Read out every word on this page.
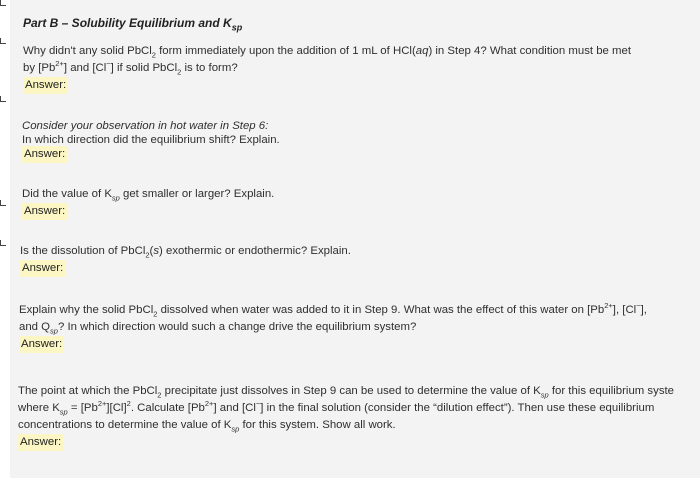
Part B – Solubility Equilibrium and $K_{sp}$
Why didn't any solid PbCl$_2$ form immediately upon the addition of 1 mL of HCl(aq) in Step 4? What condition must be met
by $[Pb^{2+}]$ and [Cl−] if solid PbCl$_2$ is to form?
Answer:
Consider your observation in hot water in Step 6:
In which direction did the equilibrium shift? Explain.
Answer:
Did the value of $K_{sp}$ get smaller or larger? Explain.
Answer:
Is the dissolution of PbCl$_2$(s) exothermic or endothermic? Explain.
Answer:
Explain why the solid PbCl$_2$ dissolved when water was added to it in Step 9. What was the effect of this water on $[Pb^{2+}]$, [Cl−],
and $Q_{sp}$? In which direction would such a change drive the equilibrium system?
Answer:
The point at which the PbCl$_2$ precipitate just dissolves in Step 9 can be used to determine the value of $K_{sp}$ for this equilibrium syste
where $K_{sp} = [Pb^{2+}][Cl]^2$. Calculate $[Pb^{2+}]$ and [Cl−] in the final solution (consider the “dilution effect”). Then use these equilibrium
concentrations to determine the value of $K_{sp}$ for this system. Show all work.
Answer:
